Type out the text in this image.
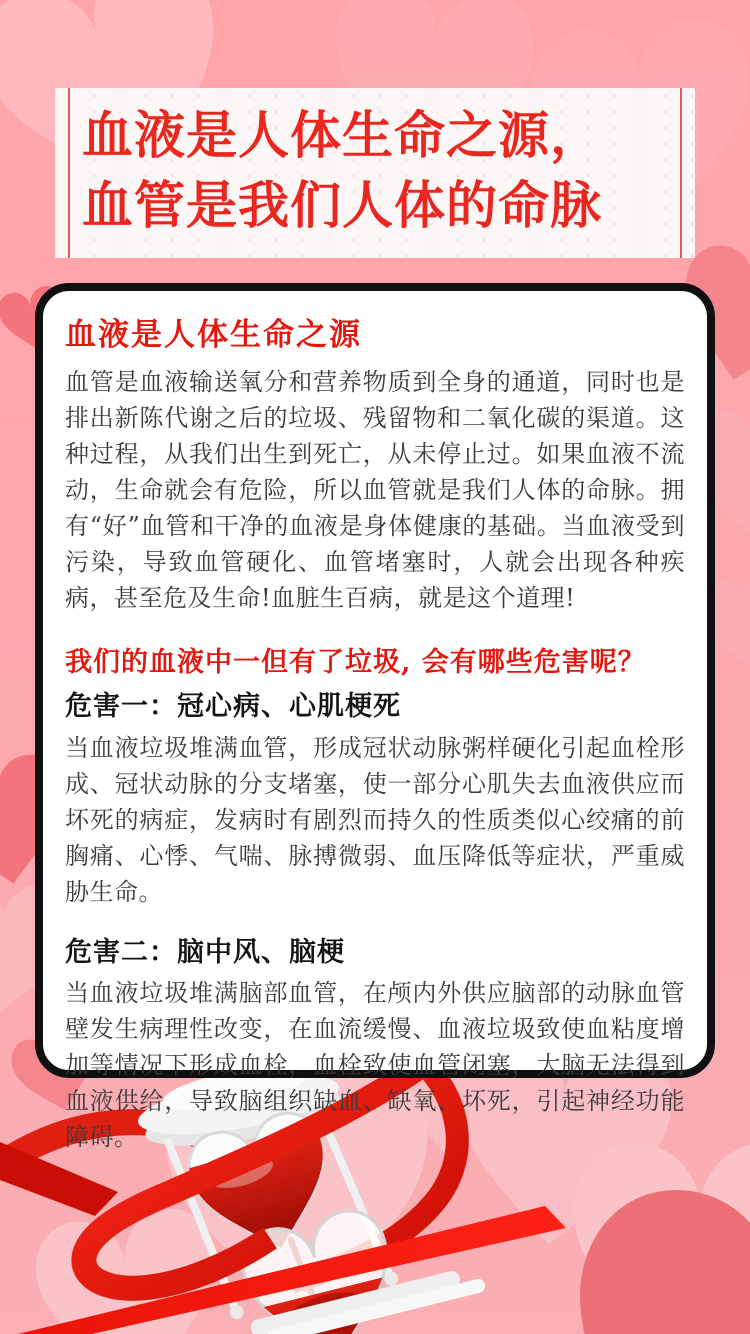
血液是人体生命之源，
血管是我们人体的命脉
血液是人体生命之源

血管是血液输送氧分和营养物质到全身的通道，同时也是排出新陈代谢之后的垃圾、残留物和二氧化碳的渠道。这种过程，从我们出生到死亡，从未停止过。如果血液不流动，生命就会有危险，所以血管就是我们人体的命脉。拥有“好”血管和干净的血液是身体健康的基础。当血液受到污染，导致血管硬化、血管堵塞时，人就会出现各种疾病，甚至危及生命!血脏生百病，就是这个道理!

我们的血液中一但有了垃圾, 会有哪些危害呢？
危害一：冠心病、心肌梗死

当血液垃圾堆满血管，形成冠状动脉粥样硬化引起血栓形成、冠状动脉的分支堵塞，使一部分心肌失去血液供应而坏死的病症，发病时有剧烈而持久的性质类似心绞痛的前胸痛、心悸、气喘、脉搏微弱、血压降低等症状，严重威胁生命。

危害二：脑中风、脑梗

当血液垃圾堆满脑部血管，在颅内外供应脑部的动脉血管壁发生病理性改变，在血流缓慢、血液垃圾致使血粘度增加等情况下形成血栓，血栓致使血管闭塞，大脑无法得到血液供给，导致脑组织缺血、缺氧、坏死，引起神经功能障碍。
